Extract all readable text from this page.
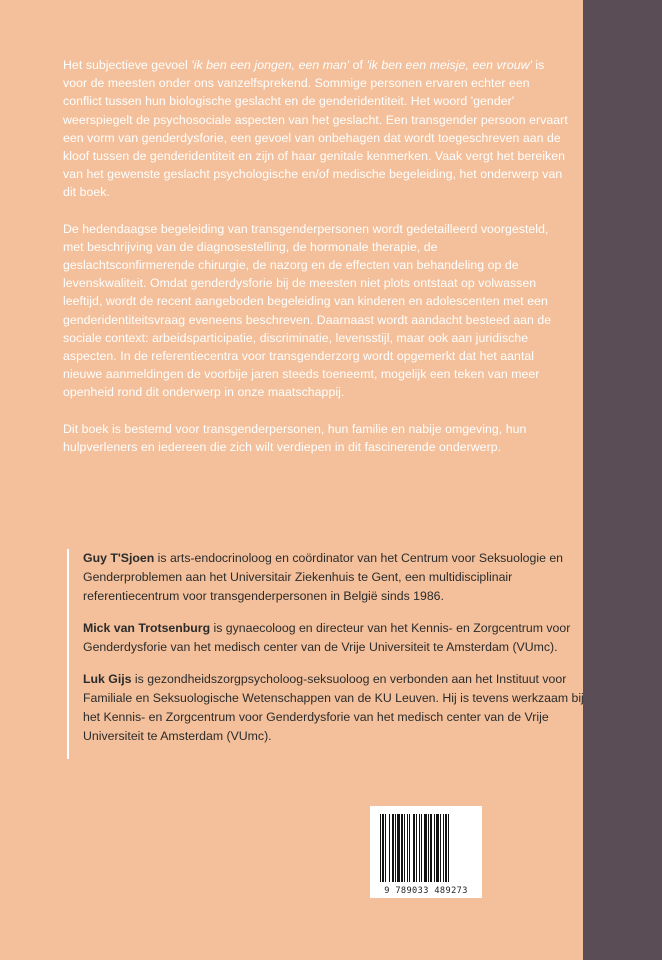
Het subjectieve gevoel 'ik ben een jongen, een man' of 'ik ben een meisje, een vrouw' is voor de meesten onder ons vanzelfsprekend. Sommige personen ervaren echter een conflict tussen hun biologische geslacht en de genderidentiteit. Het woord 'gender' weerspiegelt de psychosociale aspecten van het geslacht. Een transgender persoon ervaart een vorm van genderdysforie, een gevoel van onbehagen dat wordt toegeschreven aan de kloof tussen de genderidentiteit en zijn of haar genitale kenmerken. Vaak vergt het bereiken van het gewenste geslacht psychologische en/of medische begeleiding, het onderwerp van dit boek.

De hedendaagse begeleiding van transgenderpersonen wordt gedetailleerd voorgesteld, met beschrijving van de diagnosestelling, de hormonale therapie, de geslachtsconfirmerende chirurgie, de nazorg en de effecten van behandeling op de levenskwaliteit. Omdat genderdysforie bij de meesten niet plots ontstaat op volwassen leeftijd, wordt de recent aangeboden begeleiding van kinderen en adolescenten met een genderidentiteitsvraag eveneens beschreven. Daarnaast wordt aandacht besteed aan de sociale context: arbeidsparticipatie, discriminatie, levensstijl, maar ook aan juridische aspecten. In de referentiecentra voor transgenderzorg wordt opgemerkt dat het aantal nieuwe aanmeldingen de voorbije jaren steeds toeneemt, mogelijk een teken van meer openheid rond dit onderwerp in onze maatschappij.

Dit boek is bestemd voor transgenderpersonen, hun familie en nabije omgeving, hun hulpverleners en iedereen die zich wilt verdiepen in dit fascinerende onderwerp.

Guy T'Sjoen is arts-endocrinoloog en coördinator van het Centrum voor Seksuologie en Genderproblemen aan het Universitair Ziekenhuis te Gent, een multidisciplinair referentiecentrum voor transgenderpersonen in België sinds 1986.

Mick van Trotsenburg is gynaecoloog en directeur van het Kennis- en Zorgcentrum voor Genderdysforie van het medisch center van de Vrije Universiteit te Amsterdam (VUmc).

Luk Gijs is gezondheidszorgpsycholoog-seksuoloog en verbonden aan het Instituut voor Familiale en Seksuologische Wetenschappen van de KU Leuven. Hij is tevens werkzaam bij het Kennis- en Zorgcentrum voor Genderdysforie van het medisch center van de Vrije Universiteit te Amsterdam (VUmc).

9 789033 489273
